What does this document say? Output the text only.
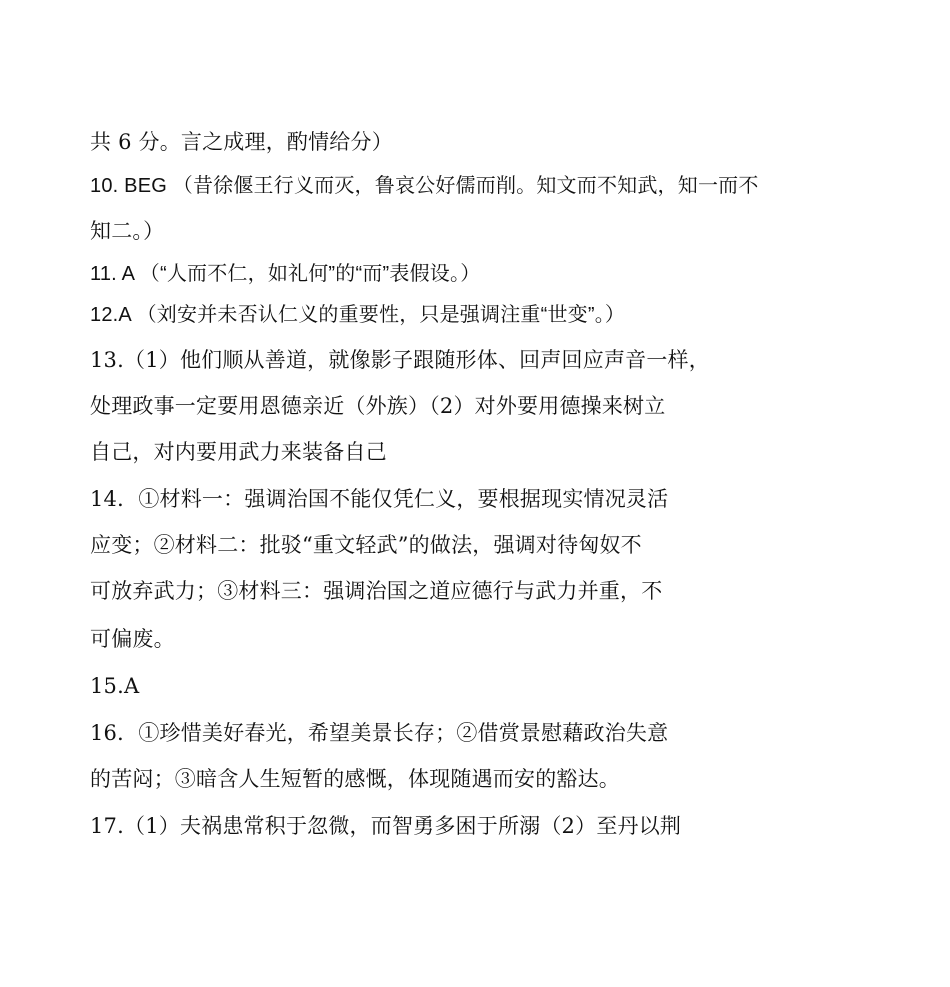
共 6 分。言之成理，酌情给分）
10. BEG （昔徐偃王行义而灭，鲁哀公好儒而削。知文而不知武，知一而不
知二。）
11. A （“人而不仁，如礼何”的“而”表假设。）
12.A （刘安并未否认仁义的重要性，只是强调注重“世变”。）
13.（1）他们顺从善道，就像影子跟随形体、回声回应声音一样，
处理政事一定要用恩德亲近（外族）（2）对外要用德操来树立
自己，对内要用武力来装备自己
14．①材料一：强调治国不能仅凭仁义，要根据现实情况灵活
应变；②材料二：批驳“重文轻武”的做法，强调对待匈奴不
可放弃武力；③材料三：强调治国之道应德行与武力并重，不
可偏废。
15.A
16．①珍惜美好春光，希望美景长存；②借赏景慰藉政治失意
的苦闷；③暗含人生短暂的感慨，体现随遇而安的豁达。
17.（1）夫祸患常积于忽微，而智勇多困于所溺（2）至丹以荆
